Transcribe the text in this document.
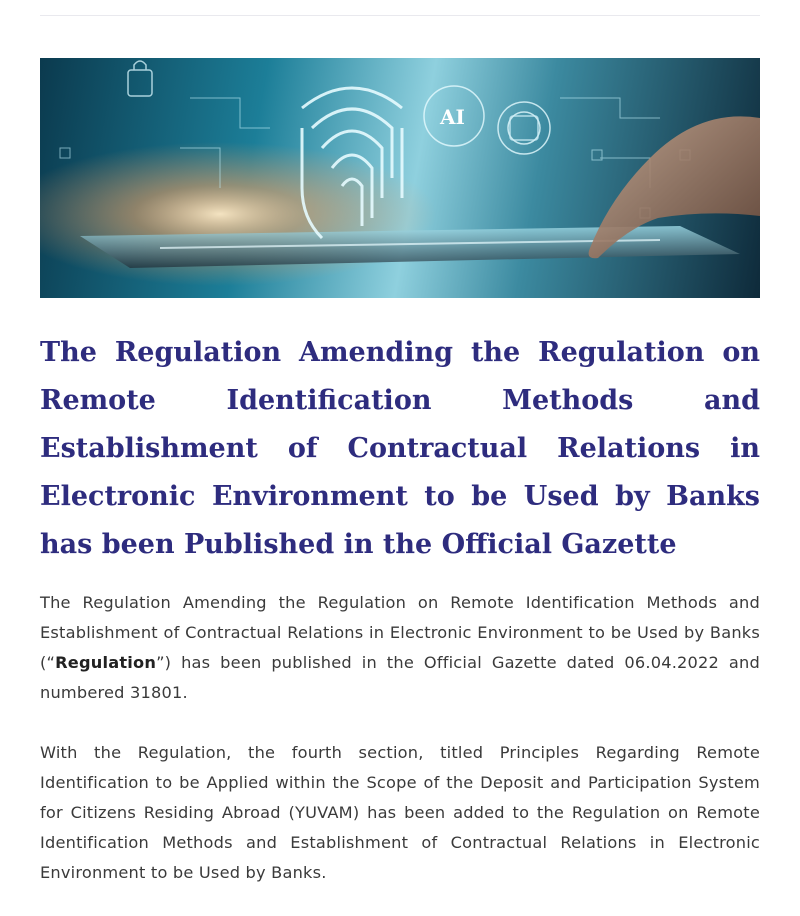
AI
The Regulation Amending the Regulation on Remote Identification Methods and Establishment of Contractual Relations in Electronic Environment to be Used by Banks has been Published in the Official Gazette

The Regulation Amending the Regulation on Remote Identification Methods and Establishment of Contractual Relations in Electronic Environment to be Used by Banks (“Regulation”) has been published in the Official Gazette dated 06.04.2022 and numbered 31801.

With the Regulation, the fourth section, titled Principles Regarding Remote Identification to be Applied within the Scope of the Deposit and Participation System for Citizens Residing Abroad (YUVAM) has been added to the Regulation on Remote Identification Methods and Establishment of Contractual Relations in Electronic Environment to be Used by Banks.
